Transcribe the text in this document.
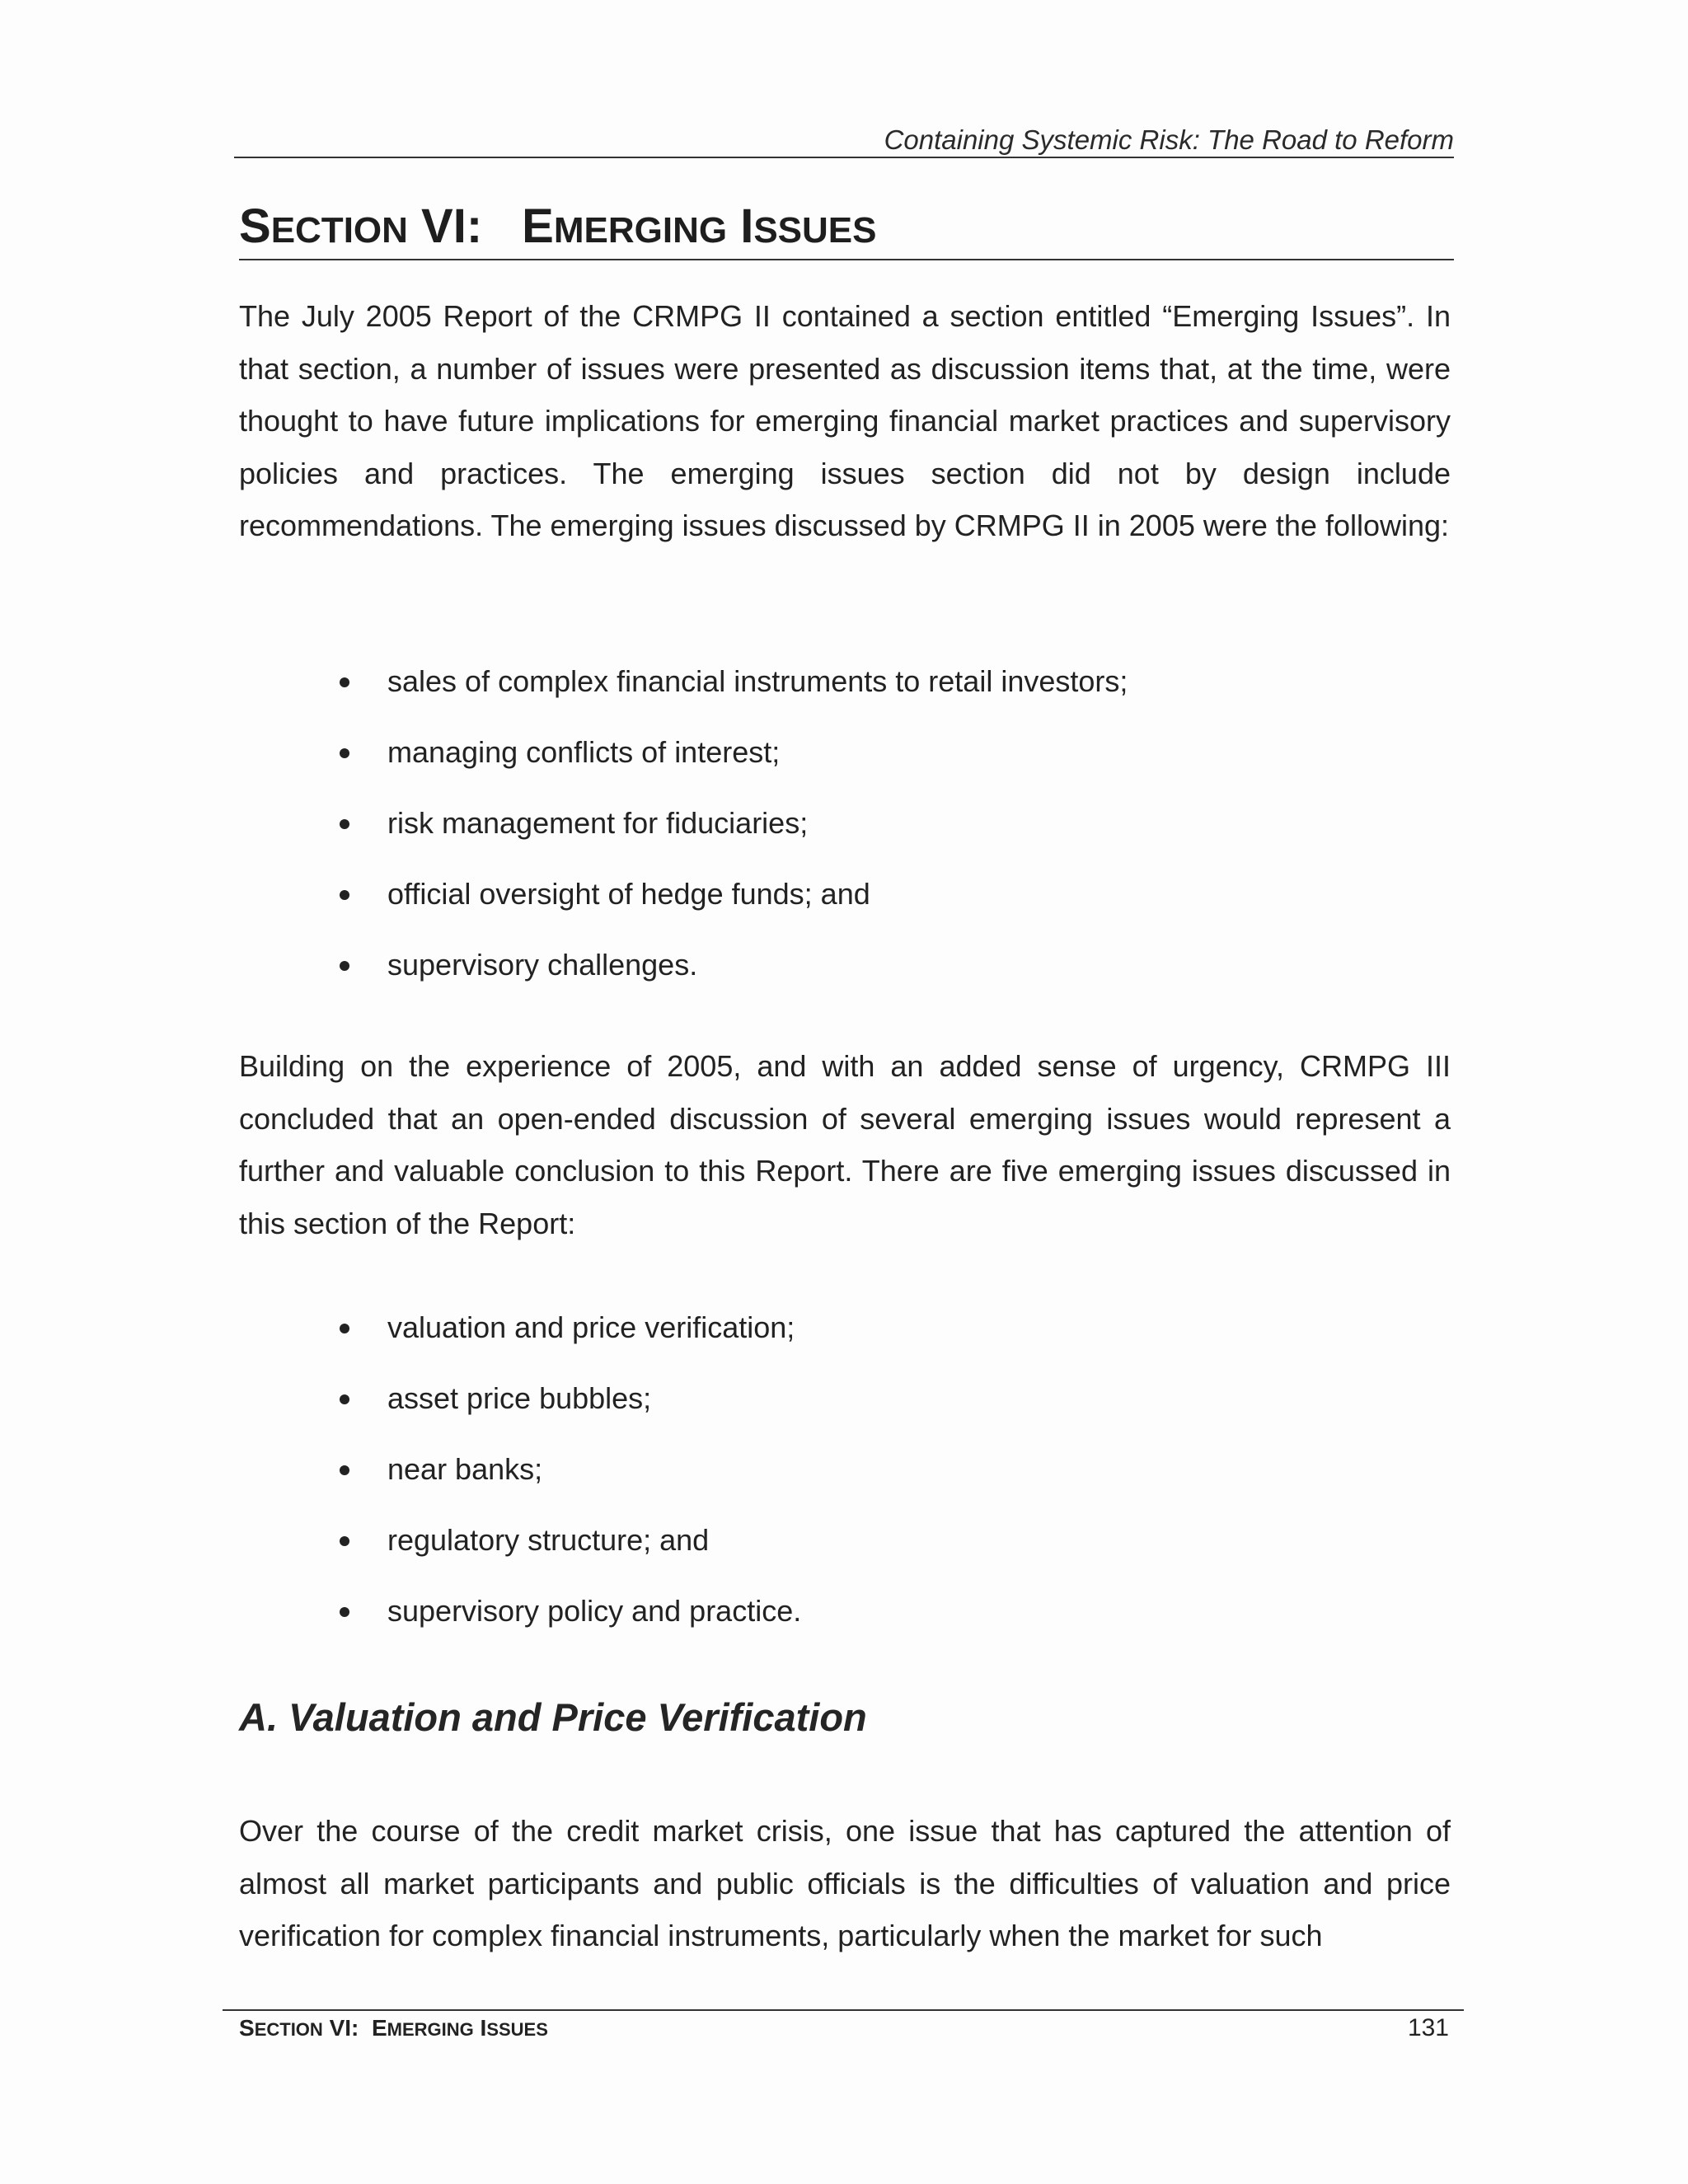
Containing Systemic Risk: The Road to Reform
SECTION VI: EMERGING ISSUES

The July 2005 Report of the CRMPG II contained a section entitled “Emerging Issues”. In that section, a number of issues were presented as discussion items that, at the time, were thought to have future implications for emerging financial market practices and supervisory policies and practices. The emerging issues section did not by design include recommendations. The emerging issues discussed by CRMPG II in 2005 were the following:

sales of complex financial instruments to retail investors;
managing conflicts of interest;
risk management for fiduciaries;
official oversight of hedge funds; and
supervisory challenges.

Building on the experience of 2005, and with an added sense of urgency, CRMPG III concluded that an open-ended discussion of several emerging issues would represent a further and valuable conclusion to this Report. There are five emerging issues discussed in this section of the Report:

valuation and price verification;
asset price bubbles;
near banks;
regulatory structure; and
supervisory policy and practice.
A. Valuation and Price Verification

Over the course of the credit market crisis, one issue that has captured the attention of almost all market participants and public officials is the difficulties of valuation and price verification for complex financial instruments, particularly when the market for such

SECTION VI:  EMERGING ISSUES	131
